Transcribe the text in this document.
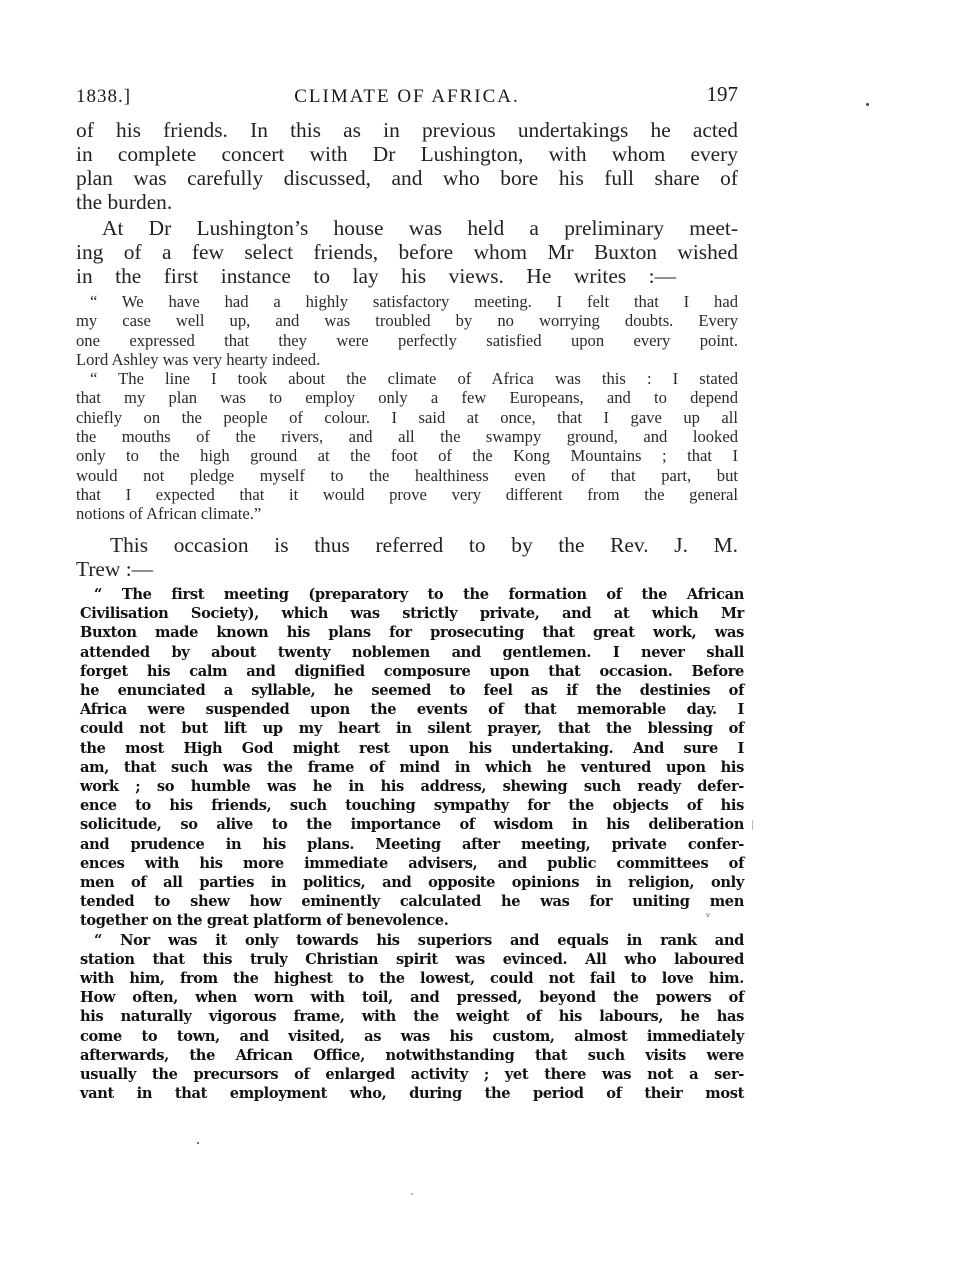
1838.]	CLIMATE OF AFRICA.	197
of his friends. In this as in previous undertakings he acted
in complete concert with Dr Lushington, with whom every
plan was carefully discussed, and who bore his full share of
the burden.
At Dr Lushington’s house was held a preliminary meet-
ing of a few select friends, before whom Mr Buxton wished
in the first instance to lay his views. He writes :—
“ We have had a highly satisfactory meeting. I felt that I had
my case well up, and was troubled by no worrying doubts. Every
one expressed that they were perfectly satisfied upon every point.
Lord Ashley was very hearty indeed.
“ The line I took about the climate of Africa was this : I stated
that my plan was to employ only a few Europeans, and to depend
chiefly on the people of colour. I said at once, that I gave up all
the mouths of the rivers, and all the swampy ground, and looked
only to the high ground at the foot of the Kong Mountains ; that I
would not pledge myself to the healthiness even of that part, but
that I expected that it would prove very different from the general
notions of African climate.”
This occasion is thus referred to by the Rev. J. M.
Trew :—
“ The first meeting (preparatory to the formation of the African
Civilisation Society), which was strictly private, and at which Mr
Buxton made known his plans for prosecuting that great work, was
attended by about twenty noblemen and gentlemen. I never shall
forget his calm and dignified composure upon that occasion. Before
he enunciated a syllable, he seemed to feel as if the destinies of
Africa were suspended upon the events of that memorable day. I
could not but lift up my heart in silent prayer, that the blessing of
the most High God might rest upon his undertaking. And sure I
am, that such was the frame of mind in which he ventured upon his
work ; so humble was he in his address, shewing such ready defer-
ence to his friends, such touching sympathy for the objects of his
solicitude, so alive to the importance of wisdom in his deliberation
and prudence in his plans. Meeting after meeting, private confer-
ences with his more immediate advisers, and public committees of
men of all parties in politics, and opposite opinions in religion, only
tended to shew how eminently calculated he was for uniting men
together on the great platform of benevolence.
“ Nor was it only towards his superiors and equals in rank and
station that this truly Christian spirit was evinced. All who laboured
with him, from the highest to the lowest, could not fail to love him.
How often, when worn with toil, and pressed, beyond the powers of
his naturally vigorous frame, with the weight of his labours, he has
come to town, and visited, as was his custom, almost immediately
afterwards, the African Office, notwithstanding that such visits were
usually the precursors of enlarged activity ; yet there was not a ser-
vant in that employment who, during the period of their most
ᵛ
